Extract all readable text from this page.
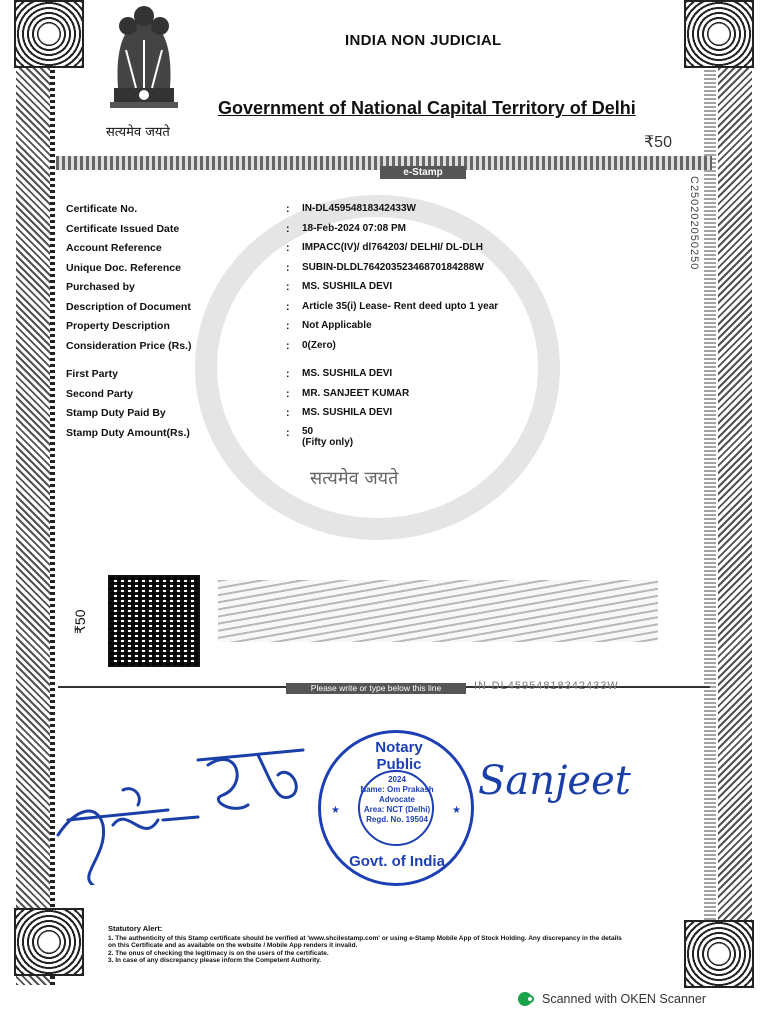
सत्यमेव जयते
INDIA NON JUDICIAL
Government of National Capital Territory of Delhi
₹50
e-Stamp
C250202050250
सत्यमेव जयते
Certificate No.
Certificate Issued Date
Account Reference
Unique Doc. Reference
Purchased by
Description of Document
Property Description
Consideration Price (Rs.)
First Party
Second Party
Stamp Duty Paid By
Stamp Duty Amount(Rs.)
:
:
:
:
:
:
:
:
:
:
:
:
IN-DL45954818342433W
18-Feb-2024 07:08 PM
IMPACC(IV)/ dl764203/ DELHI/ DL-DLH
SUBIN-DLDL76420352346870184288W
MS. SUSHILA DEVI
Article 35(i) Lease- Rent deed upto 1 year
Not Applicable
0(Zero)
MS. SUSHILA DEVI
MR. SANJEET KUMAR
MS. SUSHILA DEVI
50
(Fifty only)
₹50
Please write or type below this line	IN-DL45954818342433W
सुशीला देवी
Sanjeet
Notary Public
2024
Name: Om Prakash
Advocate
Area: NCT (Delhi)
Regd. No. 19504
★	★
Govt. of India
Statutory Alert:
1. The authenticity of this Stamp certificate should be verified at 'www.shcilestamp.com' or using e-Stamp Mobile App of Stock Holding. Any discrepancy in the details on this Certificate and as available on the website / Mobile App renders it invalid.
2. The onus of checking the legitimacy is on the users of the certificate.
3. In case of any discrepancy please inform the Competent Authority.
Scanned with OKEN Scanner
